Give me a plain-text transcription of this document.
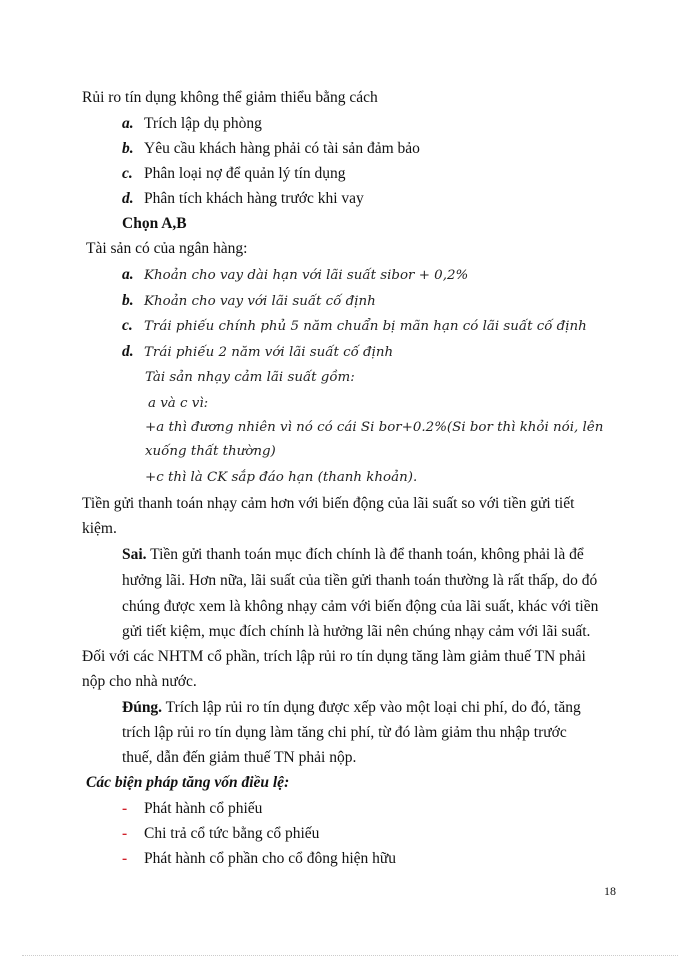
Rủi ro tín dụng không thể giảm thiểu bằng cách
a. Trích lập dụ phòng
b. Yêu cầu khách hàng phải có tài sản đảm bảo
c. Phân loại nợ để quản lý tín dụng
d. Phân tích khách hàng trước khi vay
Chọn A,B
Tài sản có của ngân hàng:
a. Khoản cho vay dài hạn với lãi suất sibor + 0,2%
b. Khoản cho vay với lãi suất cố định
c. Trái phiếu chính phủ 5 năm chuẩn bị mãn hạn có lãi suất cố định
d. Trái phiếu 2 năm với lãi suất cố định
Tài sản nhạy cảm lãi suất gồm:
a và c vì:
+a thì đương nhiên vì nó có cái Si bor+0.2%(Si bor thì khỏi nói, lên
xuống thất thường)
+c thì là CK sắp đáo hạn (thanh khoản).
Tiền gửi thanh toán nhạy cảm hơn với biến động của lãi suất so với tiền gửi tiết
kiệm.
Sai. Tiền gửi thanh toán mục đích chính là để thanh toán, không phải là để
hưởng lãi. Hơn nữa, lãi suất của tiền gửi thanh toán thường là rất thấp, do đó
chúng được xem là không nhạy cảm với biến động của lãi suất, khác với tiền
gửi tiết kiệm, mục đích chính là hưởng lãi nên chúng nhạy cảm với lãi suất.
Đối với các NHTM cổ phần, trích lập rủi ro tín dụng tăng làm giảm thuế TN phải
nộp cho nhà nước.
Đúng. Trích lập rủi ro tín dụng được xếp vào một loại chi phí, do đó, tăng
trích lập rủi ro tín dụng làm tăng chi phí, từ đó làm giảm thu nhập trước
thuế, dẫn đến giảm thuế TN phải nộp.
Các biện pháp tăng vốn điều lệ:
- Phát hành cổ phiếu
- Chi trả cổ tức bằng cổ phiếu
- Phát hành cổ phần cho cổ đông hiện hữu
18
